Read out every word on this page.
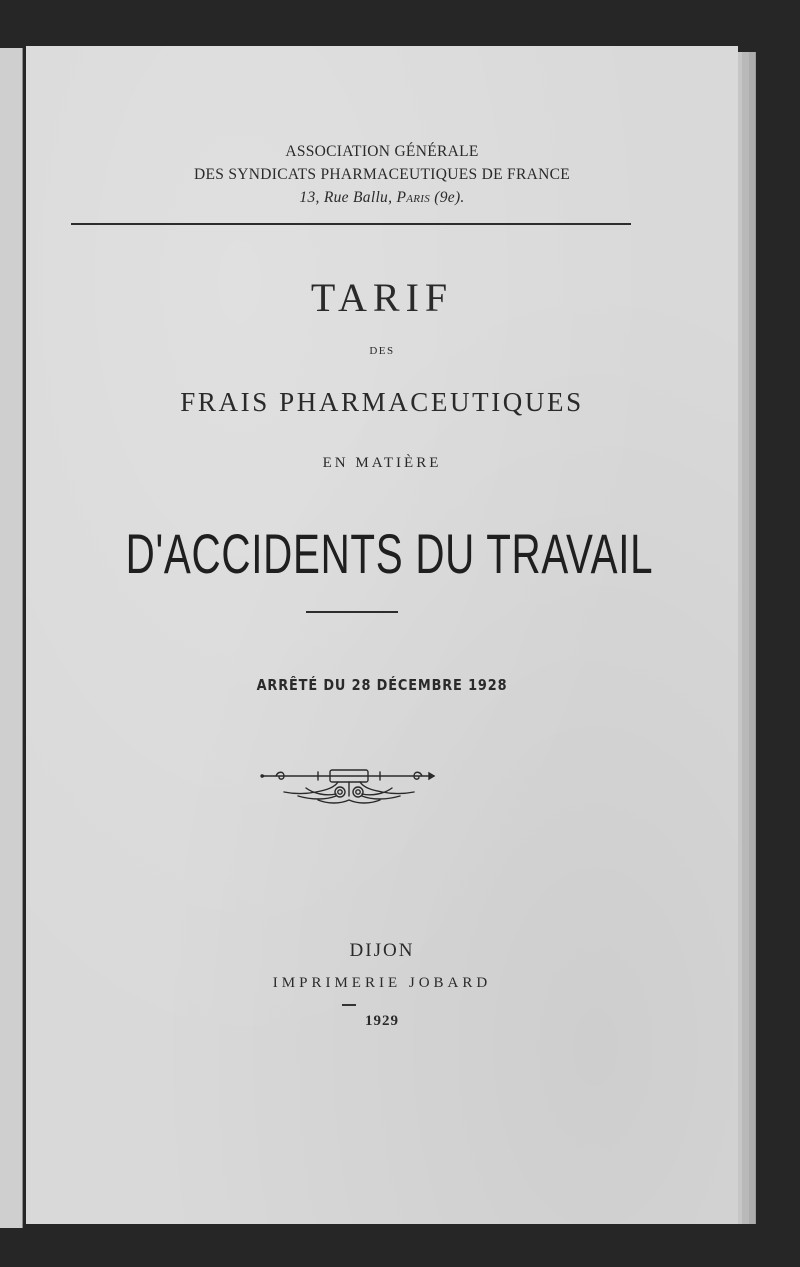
ASSOCIATION GÉNÉRALE
DES SYNDICATS PHARMACEUTIQUES DE FRANCE
13, Rue Ballu, Paris (9e).
TARIF
DES
FRAIS PHARMACEUTIQUES
EN MATIÈRE
D'ACCIDENTS DU TRAVAIL
ARRÊTÉ DU 28 DÉCEMBRE 1928
DIJON
IMPRIMERIE JOBARD
1929
